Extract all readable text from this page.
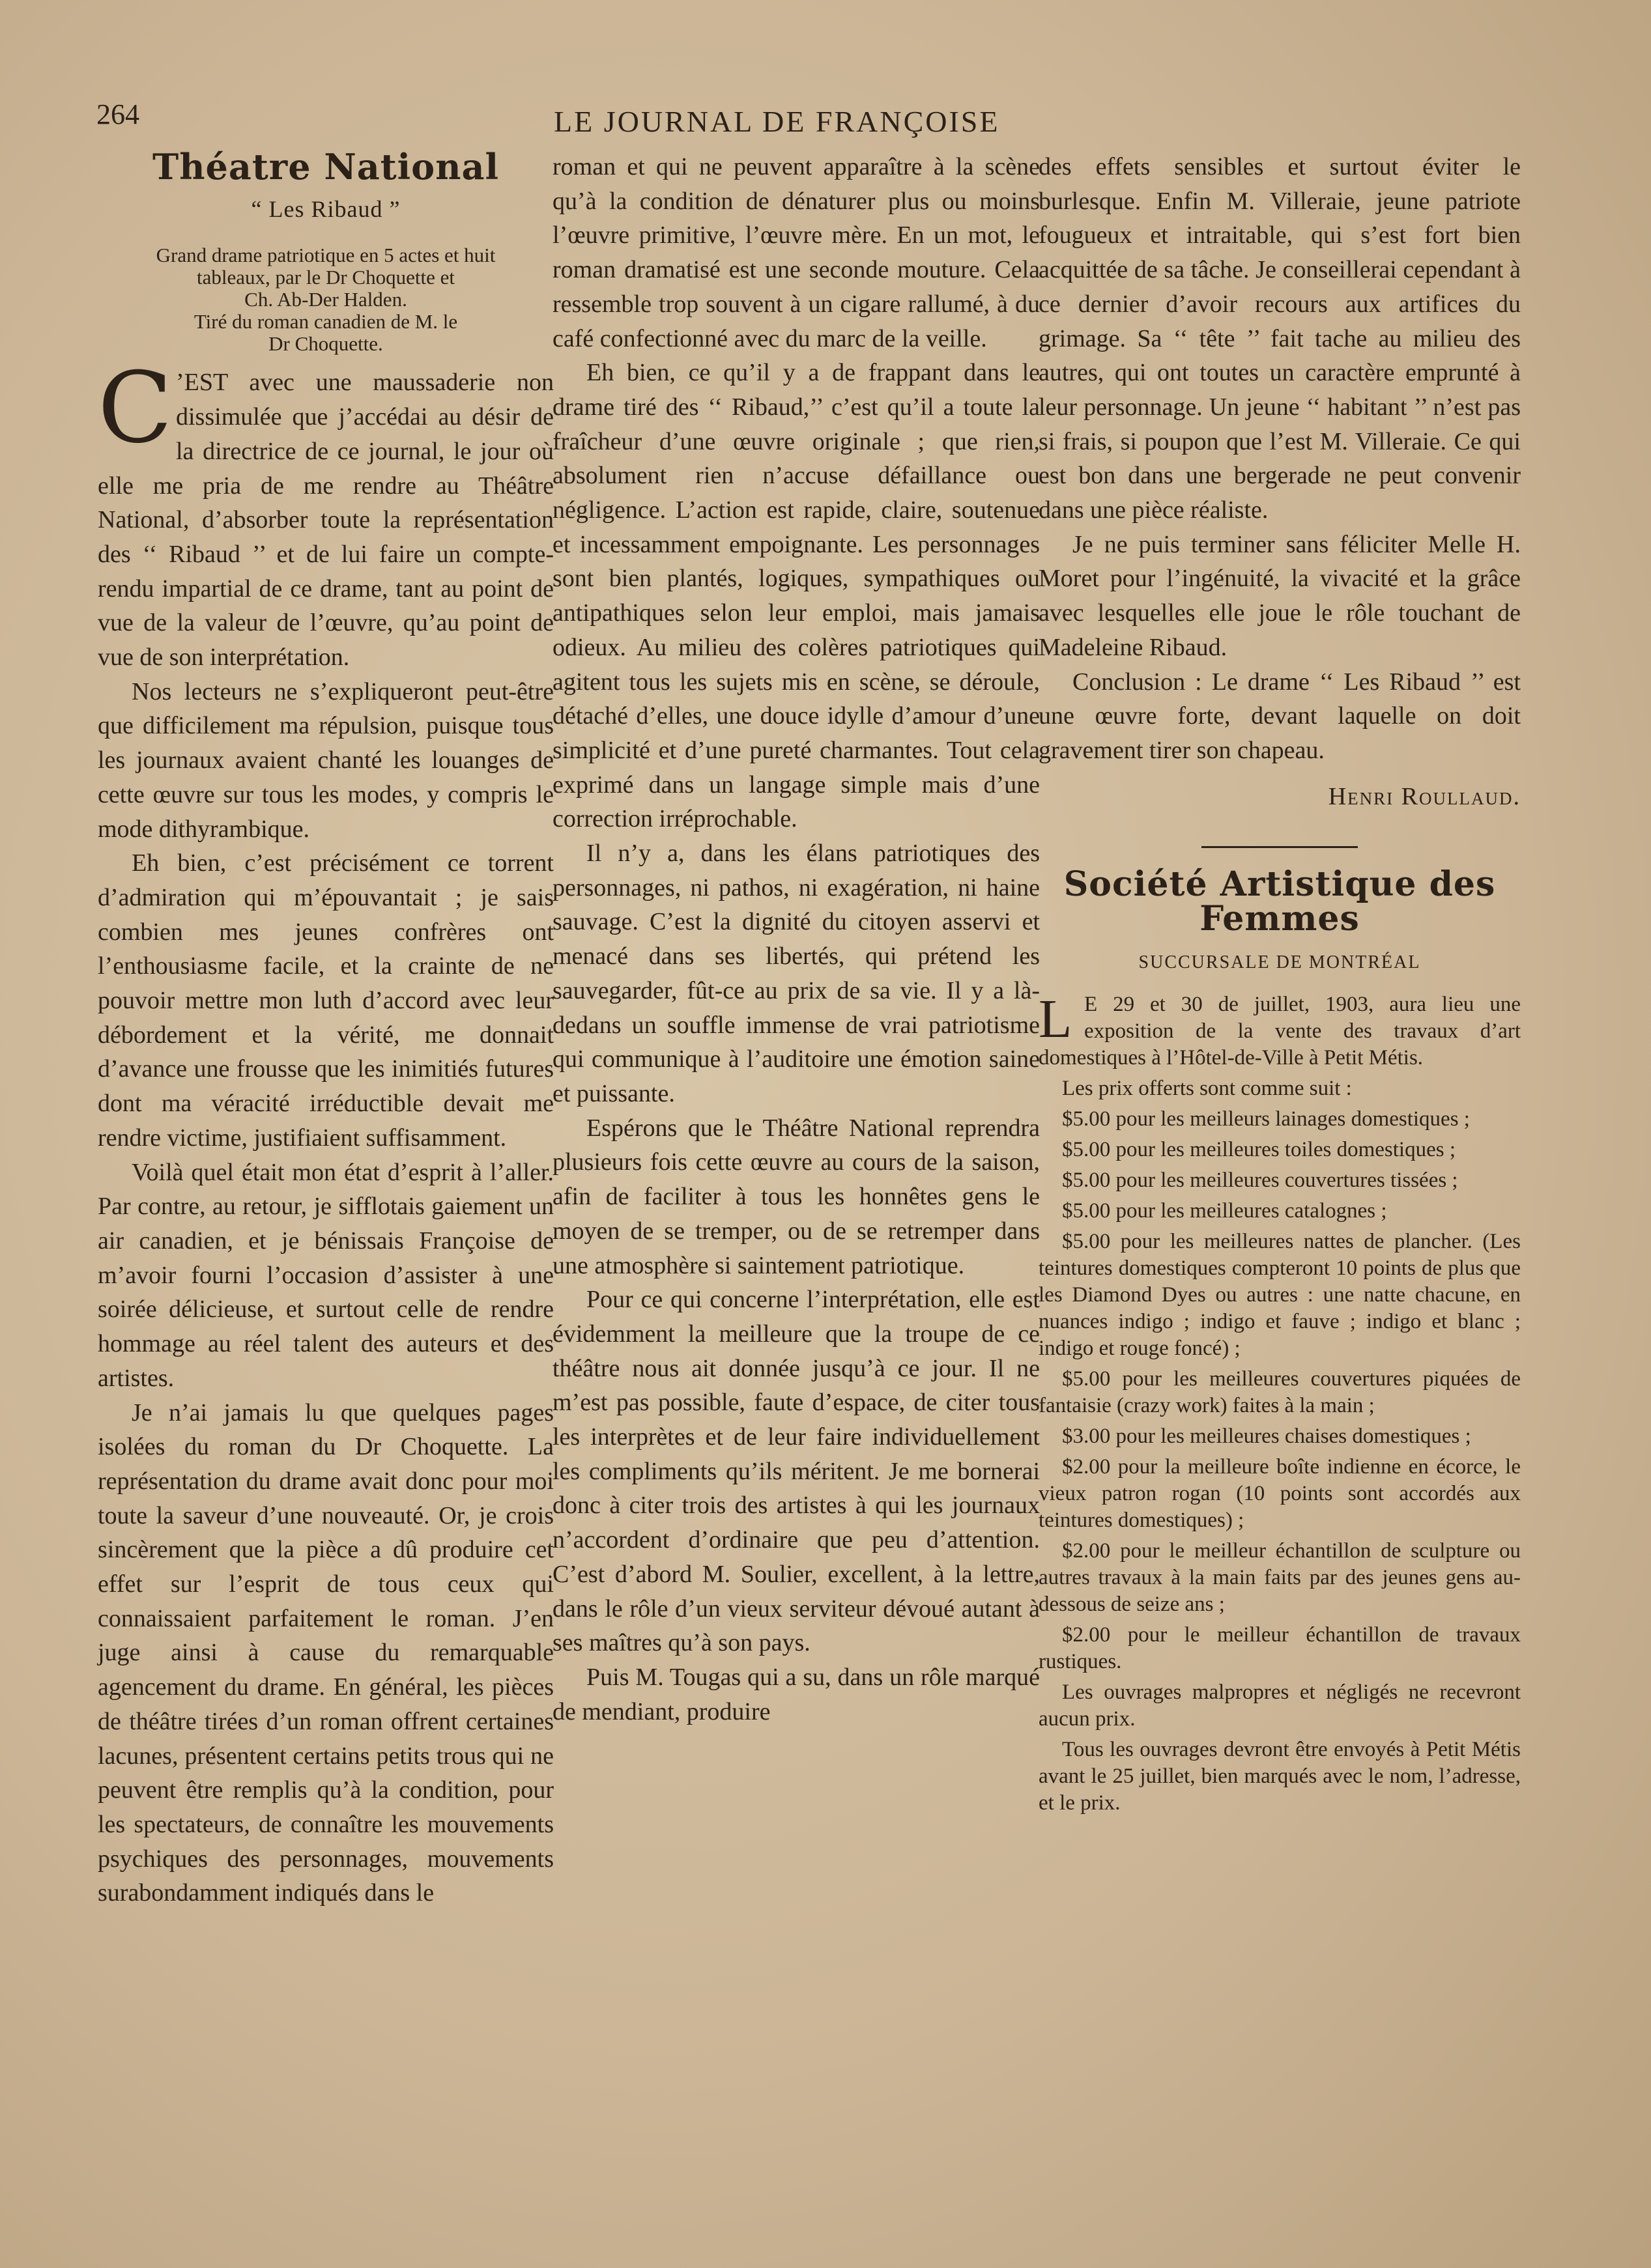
264	LE JOURNAL DE FRANÇOISE
Théatre National
“ Les Ribaud ”
Grand drame patriotique en 5 actes et huit
tableaux, par le Dr Choquette et
Ch. Ab-Der Halden.
Tiré du roman canadien de M. le
Dr Choquette.

C ’EST avec une maussaderie non dissimulée que j’accédai au désir de la directrice de ce journal, le jour où elle me pria de me rendre au Théâtre National, d’absorber toute la représentation des ‘‘ Ribaud ’’ et de lui faire un compte-rendu impartial de ce drame, tant au point de vue de la valeur de l’œuvre, qu’au point de vue de son interprétation.

Nos lecteurs ne s’expliqueront peut-être que difficilement ma répulsion, puisque tous les journaux avaient chanté les louanges de cette œuvre sur tous les modes, y compris le mode dithyrambique.

Eh bien, c’est précisément ce torrent d’admiration qui m’épouvantait ; je sais combien mes jeunes confrères ont l’enthousiasme facile, et la crainte de ne pouvoir mettre mon luth d’accord avec leur débordement et la vérité, me donnait d’avance une frousse que les inimitiés futures dont ma véracité irréductible devait me rendre victime, justifiaient suffisamment.

Voilà quel était mon état d’esprit à l’aller. Par contre, au retour, je sifflotais gaiement un air canadien, et je bénissais Françoise de m’avoir fourni l’occasion d’assister à une soirée délicieuse, et surtout celle de rendre hommage au réel talent des auteurs et des artistes.

Je n’ai jamais lu que quelques pages isolées du roman du Dr Choquette. La représentation du drame avait donc pour moi toute la saveur d’une nouveauté. Or, je crois sincèrement que la pièce a dû produire cet effet sur l’esprit de tous ceux qui connaissaient parfaitement le roman. J’en juge ainsi à cause du remarquable agencement du drame. En général, les pièces de théâtre tirées d’un roman offrent certaines lacunes, présentent certains petits trous qui ne peuvent être remplis qu’à la condition, pour les spectateurs, de connaître les mouvements psychiques des personnages, mouvements surabondamment indiqués dans le

roman et qui ne peuvent apparaître à la scène qu’à la condition de dénaturer plus ou moins l’œuvre primitive, l’œuvre mère. En un mot, le roman dramatisé est une seconde mouture. Cela ressemble trop souvent à un cigare rallumé, à du café confectionné avec du marc de la veille.

Eh bien, ce qu’il y a de frappant dans le drame tiré des ‘‘ Ribaud,’’ c’est qu’il a toute la fraîcheur d’une œuvre originale ; que rien, absolument rien n’accuse défaillance ou négligence. L’action est rapide, claire, soutenue et incessamment empoignante. Les personnages sont bien plantés, logiques, sympathiques ou antipathiques selon leur emploi, mais jamais odieux. Au milieu des colères patriotiques qui agitent tous les sujets mis en scène, se déroule, détaché d’elles, une douce idylle d’amour d’une simplicité et d’une pureté charmantes. Tout cela exprimé dans un langage simple mais d’une correction irréprochable.

Il n’y a, dans les élans patriotiques des personnages, ni pathos, ni exagération, ni haine sauvage. C’est la dignité du citoyen asservi et menacé dans ses libertés, qui prétend les sauvegarder, fût-ce au prix de sa vie. Il y a là-dedans un souffle immense de vrai patriotisme qui communique à l’auditoire une émotion saine et puissante.

Espérons que le Théâtre National reprendra plusieurs fois cette œuvre au cours de la saison, afin de faciliter à tous les honnêtes gens le moyen de se tremper, ou de se retremper dans une atmosphère si saintement patriotique.

Pour ce qui concerne l’interprétation, elle est évidemment la meilleure que la troupe de ce théâtre nous ait donnée jusqu’à ce jour. Il ne m’est pas possible, faute d’espace, de citer tous les interprètes et de leur faire individuellement les compliments qu’ils méritent. Je me bornerai donc à citer trois des artistes à qui les journaux n’accordent d’ordinaire que peu d’attention. C’est d’abord M. Soulier, excellent, à la lettre, dans le rôle d’un vieux serviteur dévoué autant à ses maîtres qu’à son pays.

Puis M. Tougas qui a su, dans un rôle marqué de mendiant, produire

des effets sensibles et surtout éviter le burlesque. Enfin M. Villeraie, jeune patriote fougueux et intraitable, qui s’est fort bien acquittée de sa tâche. Je conseillerai cependant à ce dernier d’avoir recours aux artifices du grimage. Sa ‘‘ tête ’’ fait tache au milieu des autres, qui ont toutes un caractère emprunté à leur personnage. Un jeune ‘‘ habitant ’’ n’est pas si frais, si poupon que l’est M. Villeraie. Ce qui est bon dans une bergerade ne peut convenir dans une pièce réaliste.

Je ne puis terminer sans féliciter Melle H. Moret pour l’ingénuité, la vivacité et la grâce avec lesquelles elle joue le rôle touchant de Madeleine Ribaud.

Conclusion : Le drame ‘‘ Les Ribaud ’’ est une œuvre forte, devant laquelle on doit gravement tirer son chapeau.

Henri Roullaud.

Société Artistique des Femmes
SUCCURSALE DE MONTRÉAL

L E 29 et 30 de juillet, 1903, aura lieu une exposition de la vente des travaux d’art domestiques à l’Hôtel-de-Ville à Petit Métis.

Les prix offerts sont comme suit :

$5.00 pour les meilleurs lainages domestiques ;

$5.00 pour les meilleures toiles domestiques ;

$5.00 pour les meilleures couvertures tissées ;

$5.00 pour les meilleures catalognes ;

$5.00 pour les meilleures nattes de plancher. (Les teintures domestiques compteront 10 points de plus que les Diamond Dyes ou autres : une natte chacune, en nuances indigo ; indigo et fauve ; indigo et blanc ; indigo et rouge foncé) ;

$5.00 pour les meilleures couvertures piquées de fantaisie (crazy work) faites à la main ;

$3.00 pour les meilleures chaises domestiques ;

$2.00 pour la meilleure boîte indienne en écorce, le vieux patron rogan (10 points sont accordés aux teintures domestiques) ;

$2.00 pour le meilleur échantillon de sculpture ou autres travaux à la main faits par des jeunes gens au-dessous de seize ans ;

$2.00 pour le meilleur échantillon de travaux rustiques.

Les ouvrages malpropres et négligés ne recevront aucun prix.

Tous les ouvrages devront être envoyés à Petit Métis avant le 25 juillet, bien marqués avec le nom, l’adresse, et le prix.
